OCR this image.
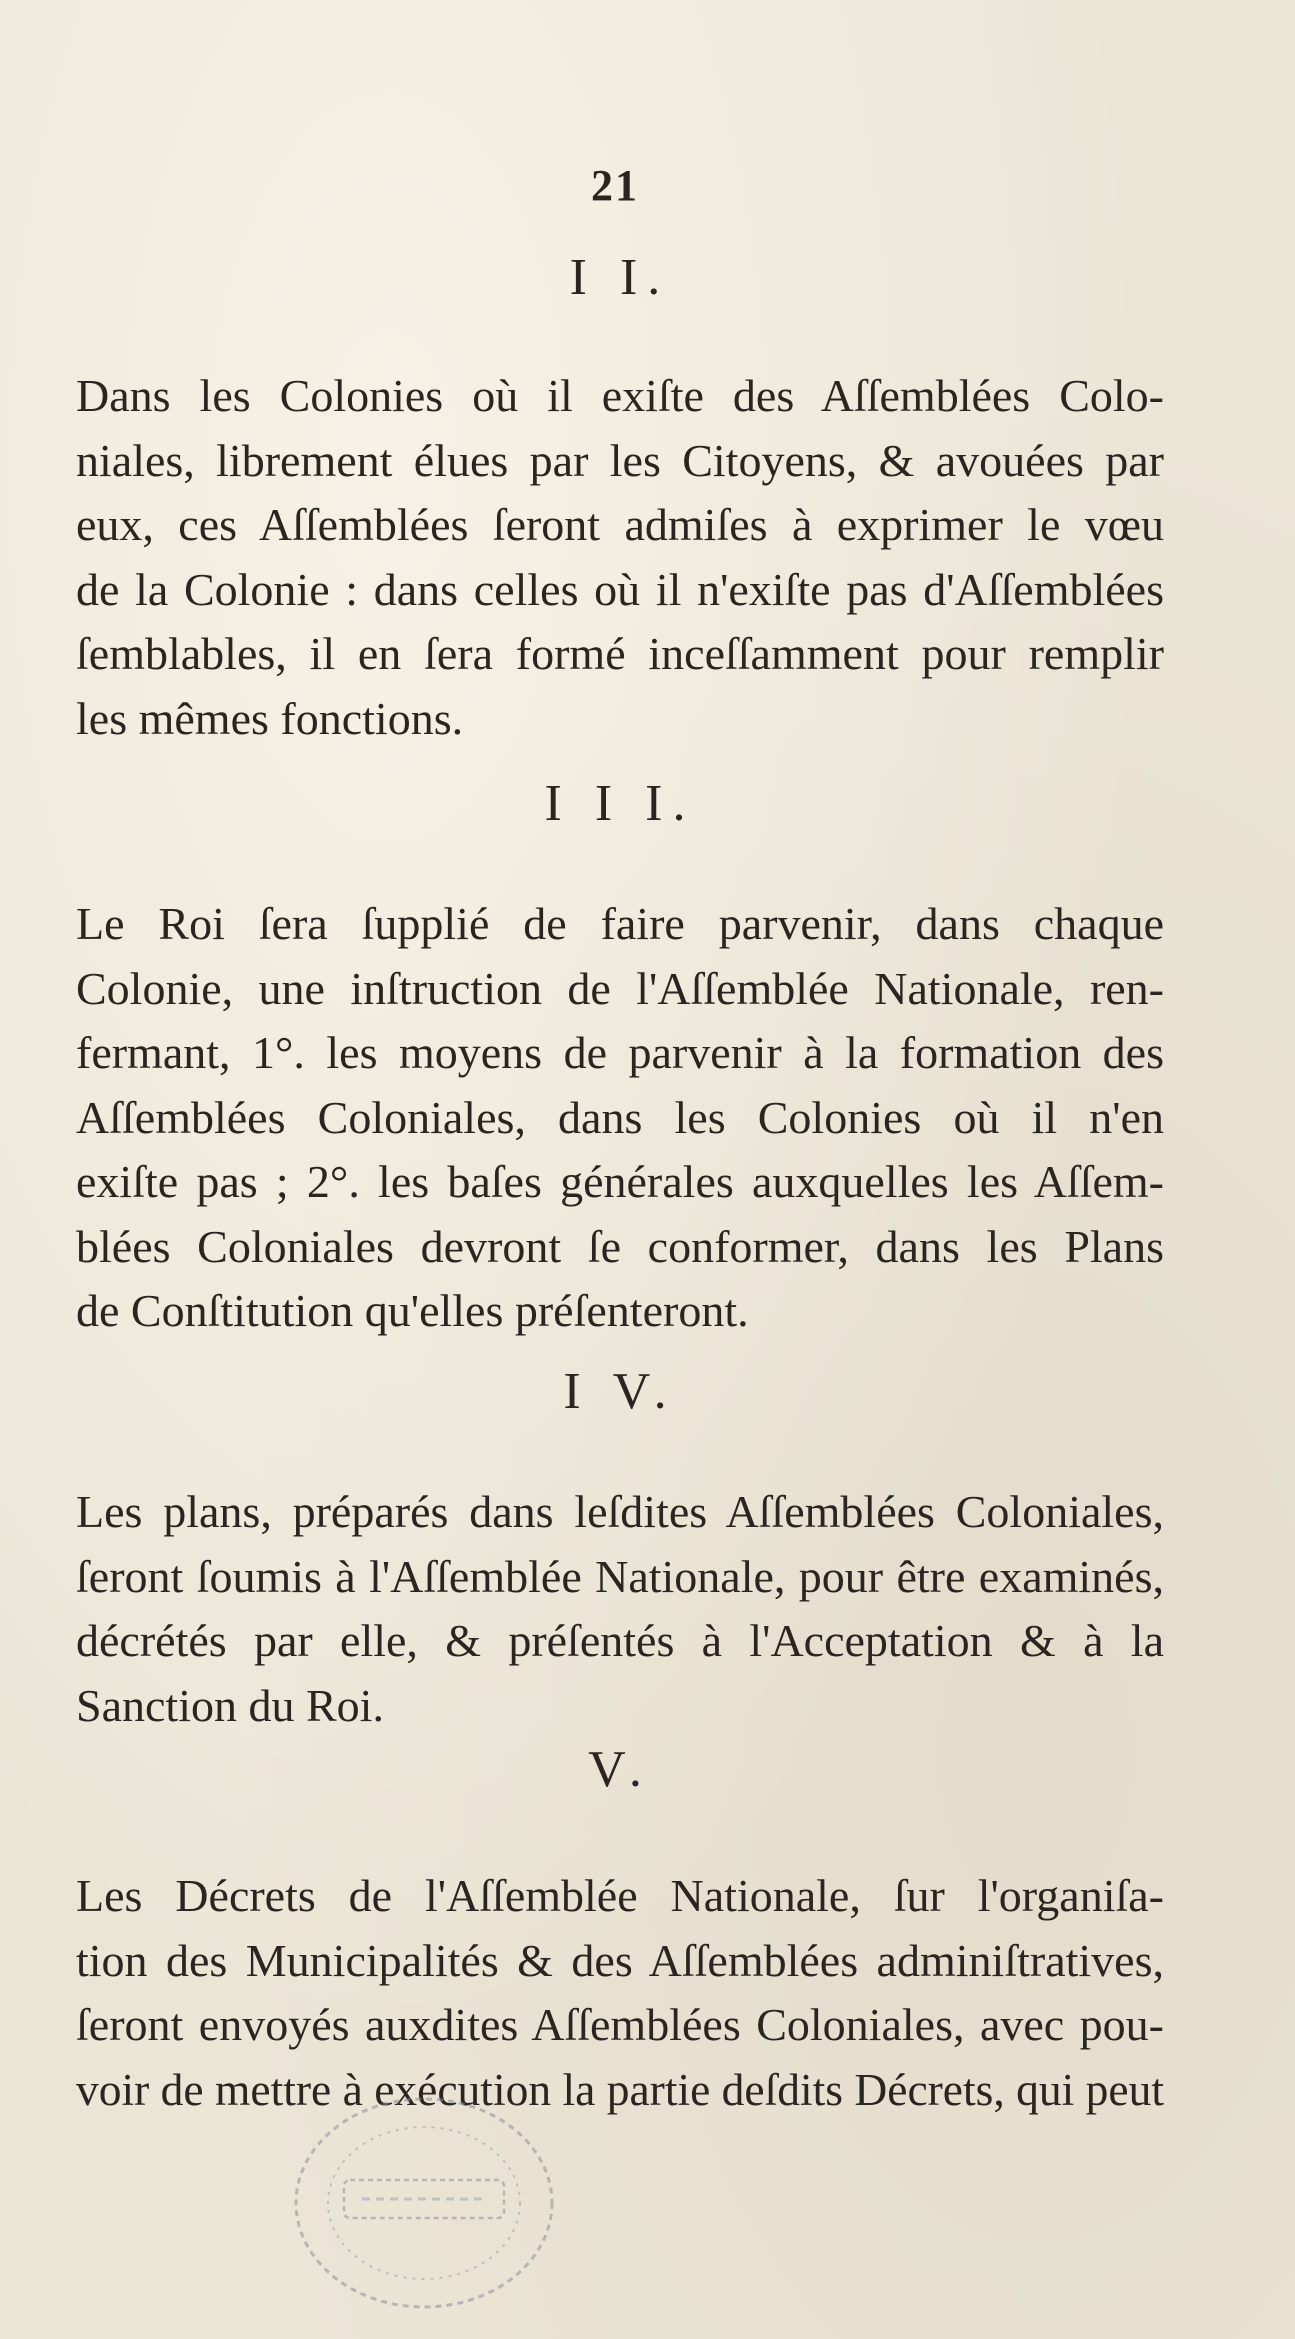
21
I I.

Dans les Colonies où il exiſte des Aſſemblées Colo-
niales, librement élues par les Citoyens, & avouées par
eux, ces Aſſemblées ſeront admiſes à exprimer le vœu
de la Colonie : dans celles où il n'exiſte pas d'Aſſemblées
ſemblables, il en ſera formé inceſſamment pour remplir
les mêmes fonctions.

I I I.

Le Roi ſera ſupplié de faire parvenir, dans chaque
Colonie, une inſtruction de l'Aſſemblée Nationale, ren-
fermant, 1°. les moyens de parvenir à la formation des
Aſſemblées Coloniales, dans les Colonies où il n'en
exiſte pas ; 2°. les baſes générales auxquelles les Aſſem-
blées Coloniales devront ſe conformer, dans les Plans
de Conſtitution qu'elles préſenteront.

I V.

Les plans, préparés dans leſdites Aſſemblées Coloniales,
ſeront ſoumis à l'Aſſemblée Nationale, pour être examinés,
décrétés par elle, & préſentés à l'Acceptation & à la
Sanction du Roi.

V.

Les Décrets de l'Aſſemblée Nationale, ſur l'organiſa-
tion des Municipalités & des Aſſemblées adminiſtratives,
ſeront envoyés auxdites Aſſemblées Coloniales, avec pou-
voir de mettre à exécution la partie deſdits Décrets, qui peut
